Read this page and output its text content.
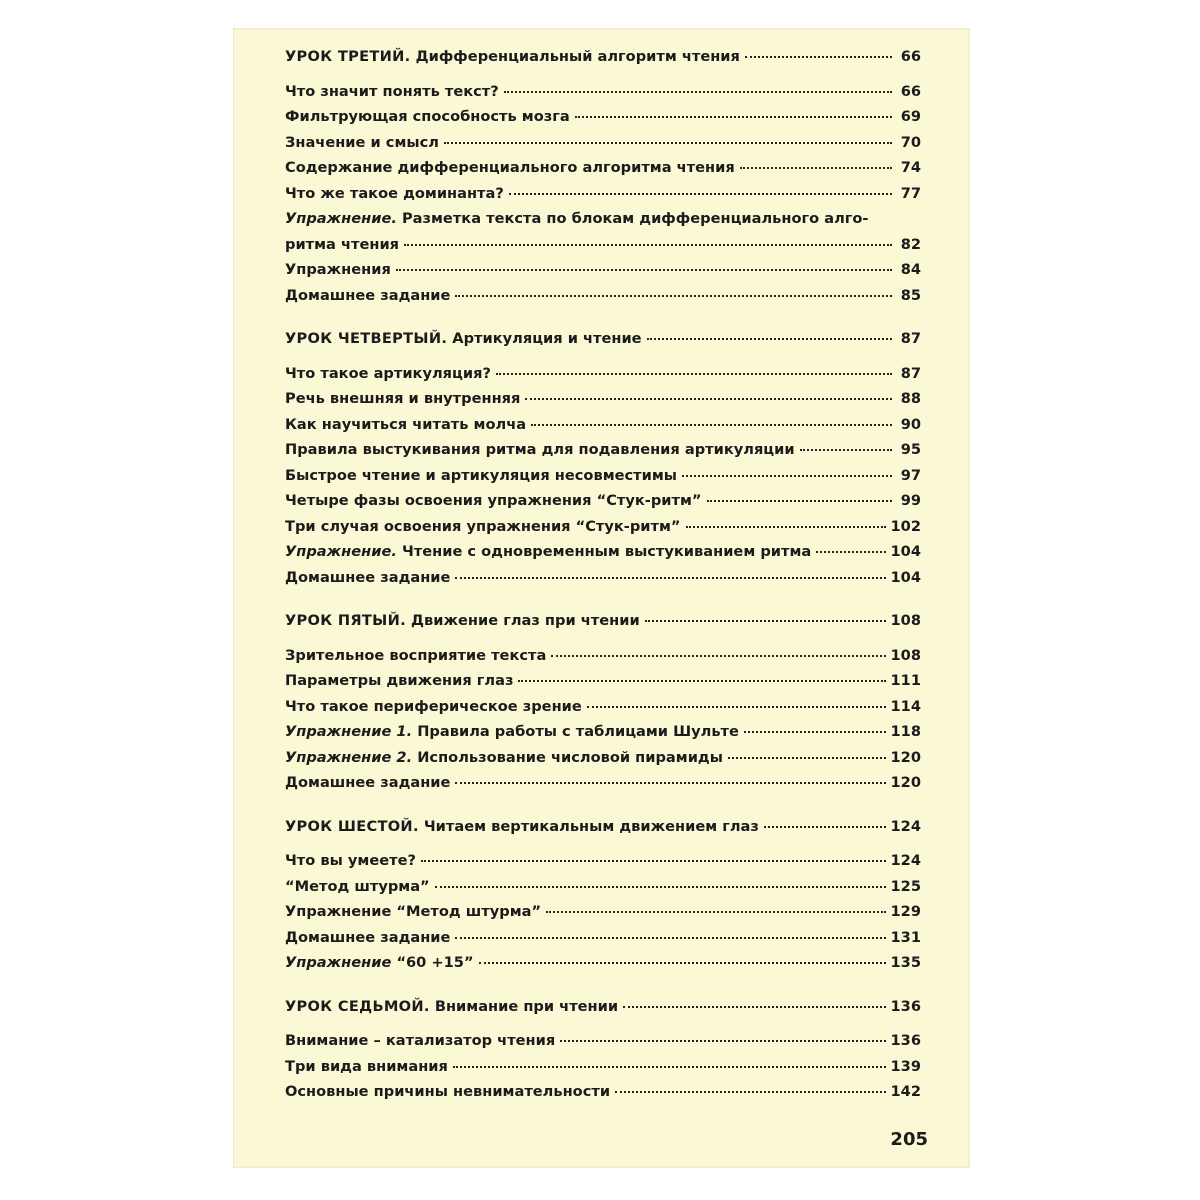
УРОК ТРЕТИЙ. Дифференциальный алгоритм чтения	66
Что значит понять текст?	66
Фильтрующая способность мозга	69
Значение и смысл	70
Содержание дифференциального алгоритма чтения	74
Что же такое доминанта?	77
Упражнение. Разметка текста по блокам дифференциального алго-
ритма чтения	82
Упражнения	84
Домашнее задание	85
УРОК ЧЕТВЕРТЫЙ. Артикуляция и чтение	87
Что такое артикуляция?	87
Речь внешняя и внутренняя	88
Как научиться читать молча	90
Правила выстукивания ритма для подавления артикуляции	95
Быстрое чтение и артикуляция несовместимы	97
Четыре фазы освоения упражнения “Стук-ритм”	99
Три случая освоения упражнения “Стук-ритм”	102
Упражнение. Чтение с одновременным выстукиванием ритма	104
Домашнее задание	104
УРОК ПЯТЫЙ. Движение глаз при чтении	108
Зрительное восприятие текста	108
Параметры движения глаз	111
Что такое периферическое зрение	114
Упражнение 1. Правила работы с таблицами Шульте	118
Упражнение 2. Использование числовой пирамиды	120
Домашнее задание	120
УРОК ШЕСТОЙ. Читаем вертикальным движением глаз	124
Что вы умеете?	124
“Метод штурма”	125
Упражнение “Метод штурма”	129
Домашнее задание	131
Упражнение “60 +15”	135
УРОК СЕДЬМОЙ. Внимание при чтении	136
Внимание – катализатор чтения	136
Три вида внимания	139
Основные причины невнимательности	142
205
